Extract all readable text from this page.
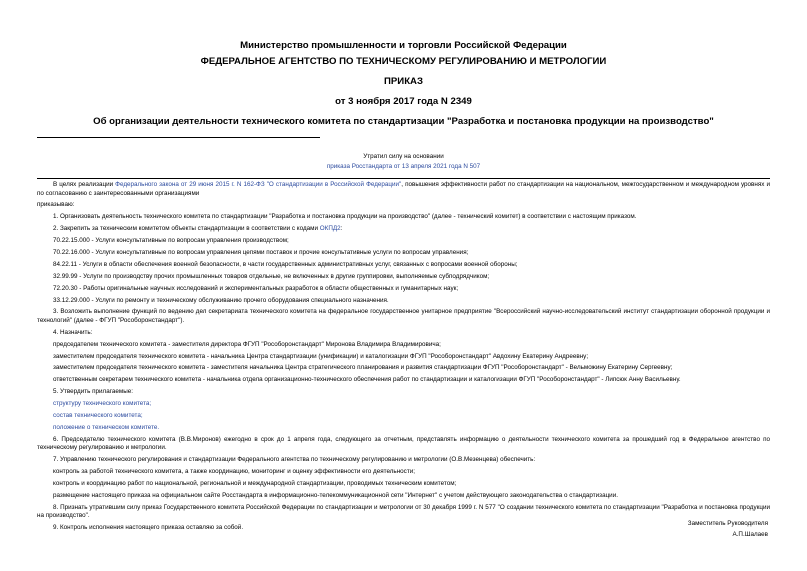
Министерство промышленности и торговли Российской Федерации
ФЕДЕРАЛЬНОЕ АГЕНТСТВО ПО ТЕХНИЧЕСКОМУ РЕГУЛИРОВАНИЮ И МЕТРОЛОГИИ
ПРИКАЗ
от 3 ноября 2017 года N 2349
Об организации деятельности технического комитета по стандартизации "Разработка и постановка продукции на производство"
Утратил силу на основании
приказа Росстандарта от 13 апреля 2021 года N 507

В целях реализации Федерального закона от 29 июня 2015 г. N 162-ФЗ "О стандартизации в Российской Федерации", повышения эффективности работ по стандартизации на национальном, межгосударственном и международном уровнях и по согласованию с заинтересованными организациями

приказываю:

1. Организовать деятельность технического комитета по стандартизации "Разработка и постановка продукции на производство" (далее - технический комитет) в соответствии с настоящим приказом.

2. Закрепить за техническим комитетом объекты стандартизации в соответствии с кодами ОКПД2:

70.22.15.000 - Услуги консультативные по вопросам управления производством;

70.22.16.000 - Услуги консультативные по вопросам управления цепями поставок и прочие консультативные услуги по вопросам управления;

84.22.11 - Услуги в области обеспечения военной безопасности, в части государственных административных услуг, связанных с вопросами военной обороны;

32.99.99 - Услуги по производству прочих промышленных товаров отдельные, не включенных в другие группировки, выполняемые субподрядчиком;

72.20.30 - Работы оригинальные научных исследований и экспериментальных разработок в области общественных и гуманитарных наук;

33.12.29.000 - Услуги по ремонту и техническому обслуживанию прочего оборудования специального назначения.

3. Возложить выполнение функций по ведению дел секретариата технического комитета на федеральное государственное унитарное предприятие "Всероссийский научно-исследовательский институт стандартизации оборонной продукции и технологий" (далее - ФГУП "Рособоронстандарт").

4. Назначить:

председателем технического комитета - заместителя директора ФГУП "Рособоронстандарт" Миронова Владимира Владимировича;

заместителем председателя технического комитета - начальника Центра стандартизации (унификации) и каталогизации ФГУП "Рособоронстандарт" Авдохину Екатерину Андреевну;

заместителем председателя технического комитета - заместителя начальника Центра стратегического планирования и развития стандартизации ФГУП "Рособоронстандарт" - Вельможину Екатерину Сергеевну;

ответственным секретарем технического комитета - начальника отдела организационно-технического обеспечения работ по стандартизации и каталогизации ФГУП "Рособоронстандарт" - Липсюк Анну Васильевну.

5. Утвердить прилагаемые:

структуру технического комитета;

состав технического комитета;

положение о техническом комитете.

6. Председателю технического комитета (В.В.Миронов) ежегодно в срок до 1 апреля года, следующего за отчетным, представлять информацию о деятельности технического комитета за прошедший год в Федеральное агентство по техническому регулированию и метрологии.

7. Управлению технического регулирования и стандартизации Федерального агентства по техническому регулированию и метрологии (О.В.Мезенцева) обеспечить:

контроль за работой технического комитета, а также координацию, мониторинг и оценку эффективности его деятельности;

контроль и координацию работ по национальной, региональной и международной стандартизации, проводимых техническим комитетом;

размещение настоящего приказа на официальном сайте Росстандарта в информационно-телекоммуникационной сети "Интернет" с учетом действующего законодательства о стандартизации.

8. Признать утратившим силу приказ Государственного комитета Российской Федерации по стандартизации и метрологии от 30 декабря 1999 г. N 577 "О создании технического комитета по стандартизации "Разработка и постановка продукции на производство".

9. Контроль исполнения настоящего приказа оставляю за собой.

Заместитель Руководителя
А.П.Шалаев
